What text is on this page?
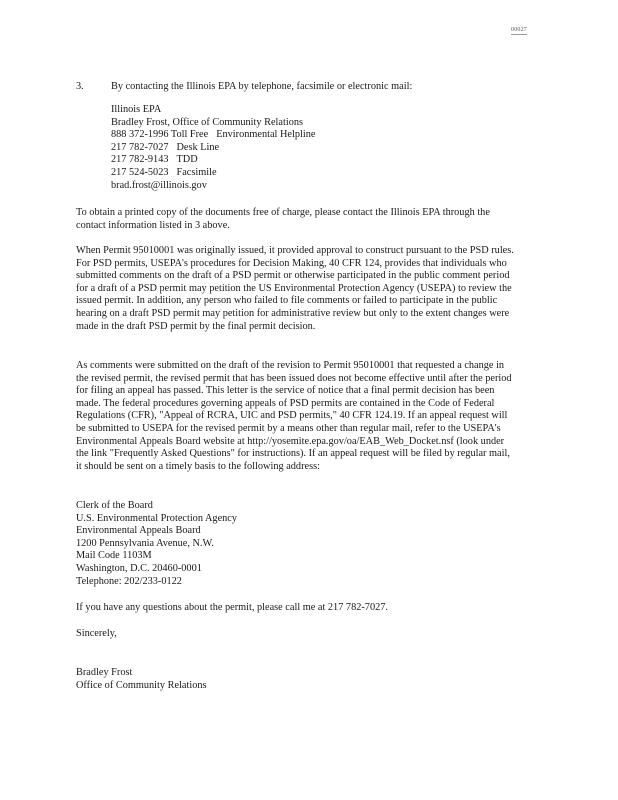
00027
3.	By contacting the Illinois EPA by telephone, facsimile or electronic mail:
Illinois EPA
Bradley Frost, Office of Community Relations
888 372-1996 Toll Free Environmental Helpline
217 782-7027 Desk Line
217 782-9143 TDD
217 524-5023 Facsimile
brad.frost@illinois.gov

To obtain a printed copy of the documents free of charge, please contact the Illinois EPA through the contact information listed in 3 above.

When Permit 95010001 was originally issued, it provided approval to construct pursuant to the PSD rules. For PSD permits, USEPA's procedures for Decision Making, 40 CFR 124, provides that individuals who submitted comments on the draft of a PSD permit or otherwise participated in the public comment period for a draft of a PSD permit may petition the US Environmental Protection Agency (USEPA) to review the issued permit. In addition, any person who failed to file comments or failed to participate in the public hearing on a draft PSD permit may petition for administrative review but only to the extent changes were made in the draft PSD permit by the final permit decision.

As comments were submitted on the draft of the revision to Permit 95010001 that requested a change in the revised permit, the revised permit that has been issued does not become effective until after the period for filing an appeal has passed. This letter is the service of notice that a final permit decision has been made. The federal procedures governing appeals of PSD permits are contained in the Code of Federal Regulations (CFR), "Appeal of RCRA, UIC and PSD permits," 40 CFR 124.19. If an appeal request will be submitted to USEPA for the revised permit by a means other than regular mail, refer to the USEPA's Environmental Appeals Board website at http://yosemite.epa.gov/oa/EAB_Web_Docket.nsf (look under the link "Frequently Asked Questions" for instructions). If an appeal request will be filed by regular mail, it should be sent on a timely basis to the following address:

Clerk of the Board
U.S. Environmental Protection Agency
Environmental Appeals Board
1200 Pennsylvania Avenue, N.W.
Mail Code 1103M
Washington, D.C. 20460-0001
Telephone: 202/233-0122

If you have any questions about the permit, please call me at 217 782-7027.

Sincerely,
Bradley Frost
Office of Community Relations
